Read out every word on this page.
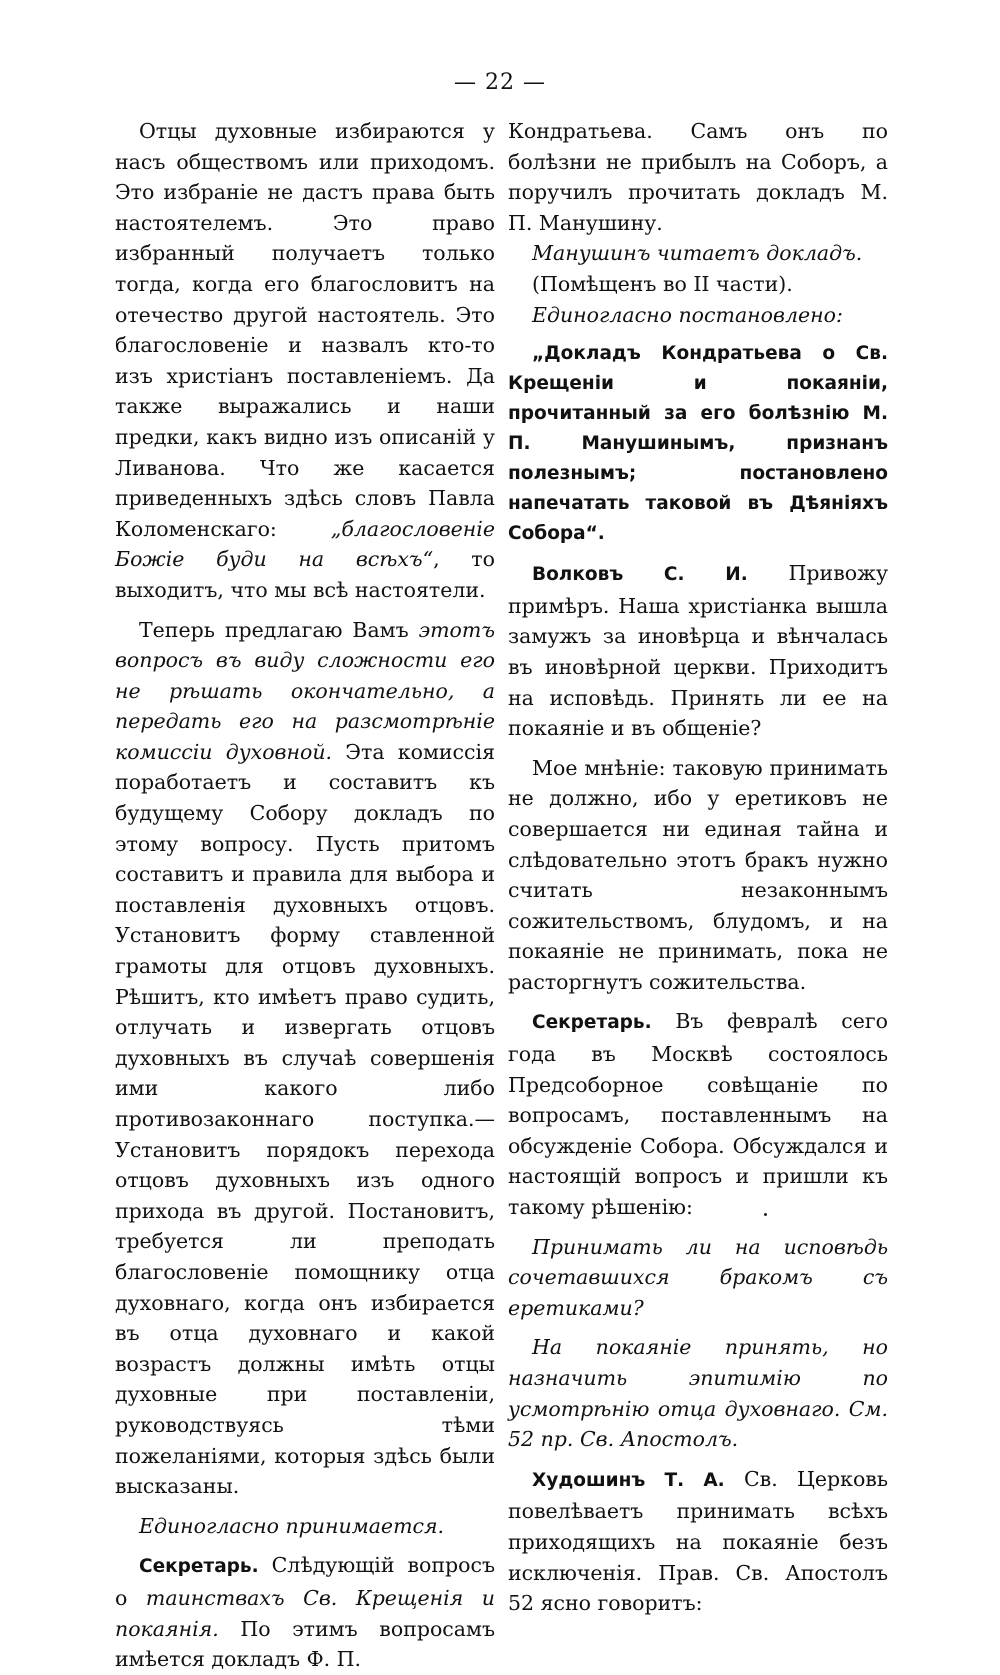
— 22 —

Отцы духовные избираются у насъ обществомъ или приходомъ. Это избраніе не дастъ права быть настоятелемъ. Это право избранный получаетъ только тогда, когда его благословитъ на отечество другой настоятель. Это благословеніе и назвалъ кто-то изъ христіанъ поставленіемъ. Да также выражались и наши предки, какъ видно изъ описаній у Ливанова. Что же касается приведенныхъ здѣсь словъ Павла Коломенскагo: „благословеніе Божіе буди на всѣхъ“, то выходитъ, что мы всѣ настоятели.

Теперь предлагаю Вамъ этотъ вопросъ въ виду сложности его не рѣшать окончательно, а передать его на разсмотрѣніе комиссіи духовной. Эта комиссія поработаетъ и составитъ къ будущему Собору докладъ по этому вопросу. Пусть притомъ составитъ и правила для выбора и поставленія духовныхъ отцовъ. Установитъ форму ставленной грамоты для отцовъ духовныхъ. Рѣшитъ, кто имѣетъ право судить, отлучать и извергать отцовъ духовныхъ въ случаѣ совершенія ими какого либо противозаконнаго поступка.—Установитъ порядокъ перехода отцовъ духовныхъ изъ одного прихода въ другой. Постановитъ, требуется ли преподать благословеніе помощнику отца духовнаго, когда онъ избирается въ отца духовнаго и какой возрастъ должны имѣть отцы духовные при поставленіи, руководствуясь тѣми пожеланіями, которыя здѣсь были высказаны.

Единогласно принимается.

Секретарь. Слѣдующій вопросъ о таинствахъ Св. Крещенія и покаянія. По этимъ вопросамъ имѣется докладъ Ф. П.

Кондратьева. Самъ онъ по болѣзни не прибылъ на Соборъ, а поручилъ прочитать докладъ М. П. Манушину.

Манушинъ читаетъ докладъ.

(Помѣщенъ во II части).

Единогласно постановлено:

„Докладъ Кондратьева о Св. Крещеніи и покаяніи, прочитанный за его болѣзнію М. П. Манушинымъ, признанъ полезнымъ; постановлено напечатать таковой въ Дѣяніяхъ Собора“.

Волковъ С. И. Привожу примѣръ. Наша христіанка вышла замужъ за иновѣрца и вѣнчалась въ иновѣрной церкви. Приходитъ на исповѣдь. Принять ли ее на покаяніе и въ общеніе?

Мое мнѣніе: таковую принимать не должно, ибо у еретиковъ не совершается ни единая тайна и слѣдовательно этотъ бракъ нужно считать незаконнымъ сожительствомъ, блудомъ, и на покаяніе не принимать, пока не расторгнутъ сожительства.

Секретарь. Въ февралѣ сего года въ Москвѣ состоялось Предсоборное совѣщаніе по вопросамъ, поставленнымъ на обсужденіе Собора. Обсуждался и настоящій вопросъ и пришли къ такому рѣшенію:

Принимать ли на исповѣдь сочетавшихся бракомъ съ еретиками?

На покаяніе принять, но назначить эпитимію по усмотрѣнію отца духовнаго. См. 52 пр. Св. Апостолъ.

Худошинъ Т. А. Св. Церковь повелѣваетъ принимать всѣхъ приходящихъ на покаяніе безъ исключенія. Прав. Св. Апостолъ 52 ясно говоритъ:
